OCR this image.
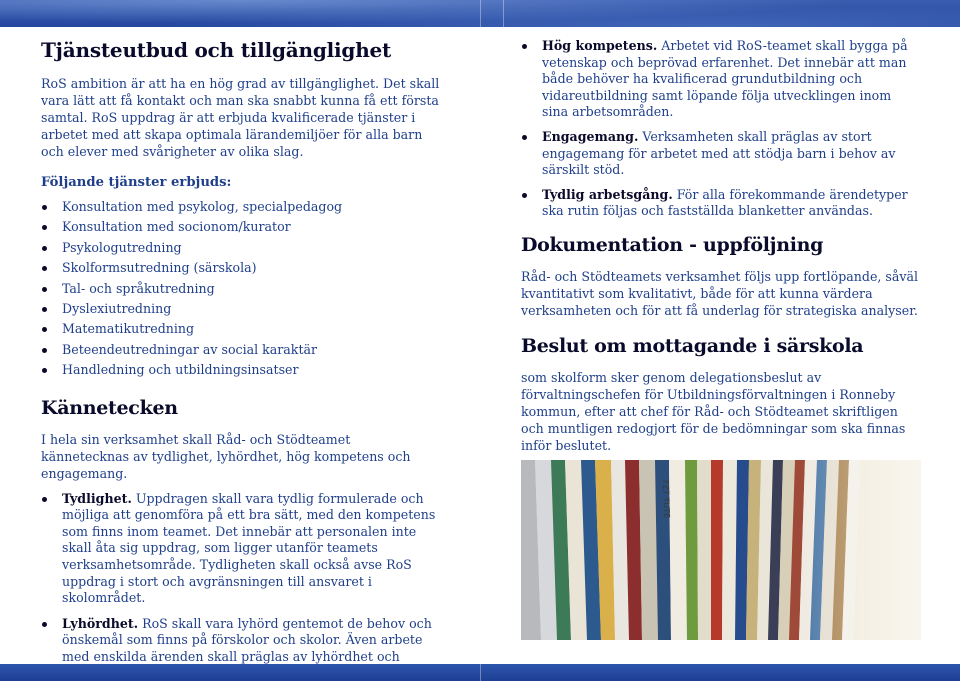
Tjänsteutbud och tillgänglighet

RoS ambition är att ha en hög grad av tillgänglighet. Det skall vara lätt att få kontakt och man ska snabbt kunna få ett första samtal. RoS uppdrag är att erbjuda kvalificerade tjänster i arbetet med att skapa optimala lärandemiljöer för alla barn och elever med svårigheter av olika slag.

Följande tjänster erbjuds:
Konsultation med psykolog, specialpedagog
Konsultation med socionom/kurator
Psykologutredning
Skolformsutredning (särskola)
Tal- och språkutredning
Dyslexiutredning
Matematikutredning
Beteendeutredningar av social karaktär
Handledning och utbildningsinsatser
Kännetecken

I hela sin verksamhet skall Råd- och Stödteamet kännetecknas av tydlighet, lyhördhet, hög kompetens och engagemang.

Tydlighet. Uppdragen skall vara tydlig formulerade och möjliga att genomföra på ett bra sätt, med den kompetens som finns inom teamet. Det innebär att personalen inte skall åta sig uppdrag, som ligger utanför teamets verksamhetsområde. Tydligheten skall också avse RoS uppdrag i stort och avgränsningen till ansvaret i skolområdet.
Lyhördhet. RoS skall vara lyhörd gentemot de behov och önskemål som finns på förskolor och skolor. Även arbete med enskilda ärenden skall präglas av lyhördhet och
Hög kompetens. Arbetet vid RoS-teamet skall bygga på vetenskap och beprövad erfarenhet. Det innebär att man både behöver ha kvalificerad grundutbildning och vidareutbildning samt löpande följa utvecklingen inom sina arbetsområden.
Engagemang. Verksamheten skall präglas av stort engagemang för arbetet med att stödja barn i behov av särskilt stöd.
Tydlig arbetsgång. För alla förekommande ärendetyper ska rutin följas och fastställda blanketter användas.
Dokumentation - uppföljning

Råd- och Stödteamets verksamhet följs upp fortlöpande, såväl kvantitativt som kvalitativt, både för att kunna värdera verksamheten och för att få underlag för strategiska analyser.

Beslut om mottagande i särskola

som skolform sker genom delegationsbeslut av förvaltningschefen för Utbildningsförvaltningen i Ronneby kommun, efter att chef för Råd- och Stödteamet skriftligen och muntligen redogjort för de bedömningar som ska finnas inför beslutet.

FZT TUTE
